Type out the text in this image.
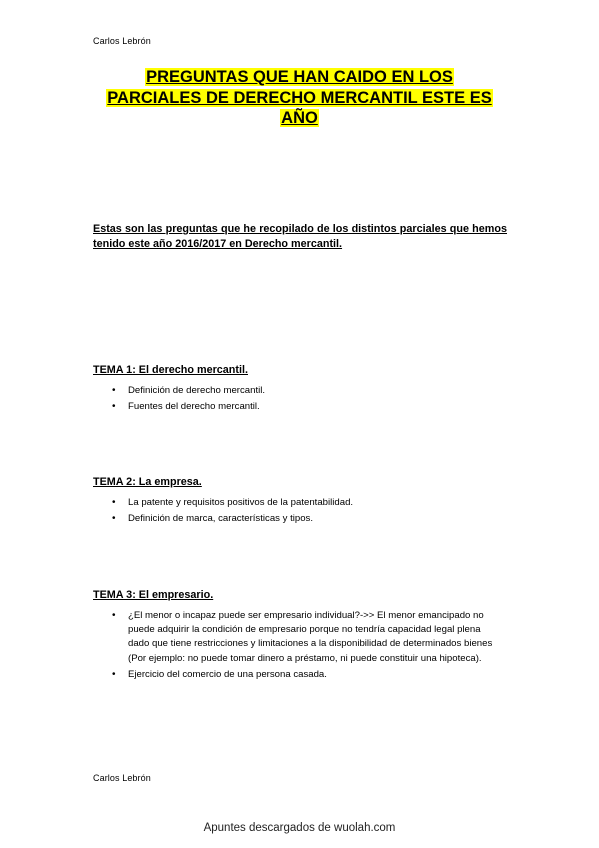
Carlos Lebrón
PREGUNTAS QUE HAN CAIDO EN LOS
PARCIALES DE DERECHO MERCANTIL ESTE ES
AÑO
Estas son las preguntas que he recopilado de los distintos parciales que hemos tenido este año 2016/2017 en Derecho mercantil.
TEMA 1: El derecho mercantil.
• Definición de derecho mercantil.
• Fuentes del derecho mercantil.
TEMA 2: La empresa.
• La patente y requisitos positivos de la patentabilidad.
• Definición de marca, características y tipos.
TEMA 3: El empresario.
• ¿El menor o incapaz puede ser empresario individual?->> El menor emancipado no puede adquirir la condición de empresario porque no tendría capacidad legal plena dado que tiene restricciones y limitaciones a la disponibilidad de determinados bienes (Por ejemplo: no puede tomar dinero a préstamo, ni puede constituir una hipoteca).
• Ejercicio del comercio de una persona casada.
Carlos Lebrón
Apuntes descargados de wuolah.com
